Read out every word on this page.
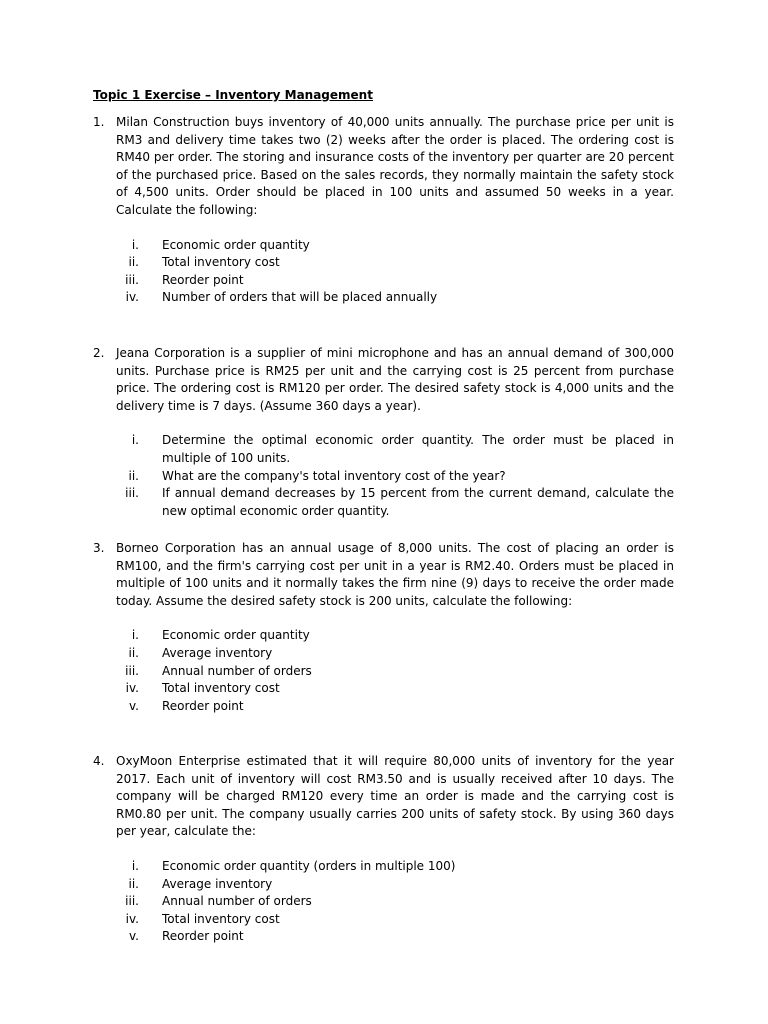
Topic 1 Exercise – Inventory Management
1. Milan Construction buys inventory of 40,000 units annually. The purchase price per unit is RM3 and delivery time takes two (2) weeks after the order is placed. The ordering cost is RM40 per order. The storing and insurance costs of the inventory per quarter are 20 percent of the purchased price. Based on the sales records, they normally maintain the safety stock of 4,500 units. Order should be placed in 100 units and assumed 50 weeks in a year. Calculate the following:
i. Economic order quantity
ii. Total inventory cost
iii. Reorder point
iv. Number of orders that will be placed annually
2. Jeana Corporation is a supplier of mini microphone and has an annual demand of 300,000 units. Purchase price is RM25 per unit and the carrying cost is 25 percent from purchase price. The ordering cost is RM120 per order. The desired safety stock is 4,000 units and the delivery time is 7 days. (Assume 360 days a year).
i. Determine the optimal economic order quantity. The order must be placed in multiple of 100 units.
ii. What are the company's total inventory cost of the year?
iii. If annual demand decreases by 15 percent from the current demand, calculate the new optimal economic order quantity.
3. Borneo Corporation has an annual usage of 8,000 units. The cost of placing an order is RM100, and the firm's carrying cost per unit in a year is RM2.40. Orders must be placed in multiple of 100 units and it normally takes the firm nine (9) days to receive the order made today. Assume the desired safety stock is 200 units, calculate the following:
i. Economic order quantity
ii. Average inventory
iii. Annual number of orders
iv. Total inventory cost
v. Reorder point
4. OxyMoon Enterprise estimated that it will require 80,000 units of inventory for the year 2017. Each unit of inventory will cost RM3.50 and is usually received after 10 days. The company will be charged RM120 every time an order is made and the carrying cost is RM0.80 per unit. The company usually carries 200 units of safety stock. By using 360 days per year, calculate the:
i. Economic order quantity (orders in multiple 100)
ii. Average inventory
iii. Annual number of orders
iv. Total inventory cost
v. Reorder point
